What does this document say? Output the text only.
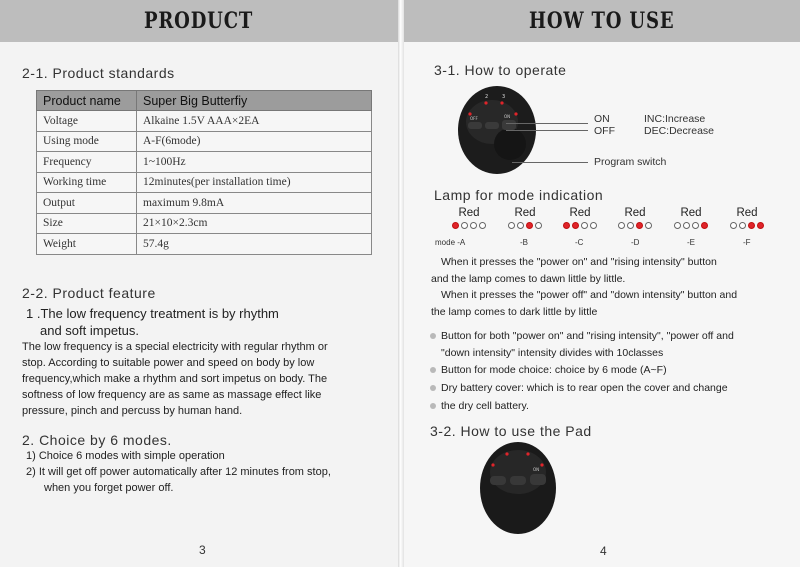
PRODUCT
2-1. Product standards
Product name	Super Big Butterfiy
Voltage	Alkaine 1.5V AAA×2EA
Using mode	A-F(6mode)
Frequency	1~100Hz
Working time	12minutes(per installation time)
Output	maximum 9.8mA
Size	21×10×2.3cm
Weight	57.4g
2-2. Product feature
1 .The low frequency treatment is by rhythm
and soft impetus.
The low frequency is a special electricity with regular rhythm or
stop. According to suitable power and speed on body by low
frequency,which make a rhythm and sort impetus on body. The
softness of low frequency are as same as massage effect like
pressure, pinch and percuss by human hand.
2. Choice by 6 modes.
1) Choice 6 modes with simple operation
2) It will get off power automatically after 12 minutes from stop,
when you forget power off.
3
HOW TO USE
3-1. How to operate
2	3
OFF	ON	ON
OFF
INC:Increase
DEC:Decrease
Program switch
Lamp for mode indication
Red	Red	Red	Red	Red	Red
mode -A	-B	-C	-D	-E	-F
When it presses the "power on" and "rising intensity" button
and the lamp comes to dawn little by little.
When it presses the "power off" and "down intensity" button and
the lamp comes to dark little by little
Button for both "power on" and "rising intensity", "power off and
"down intensity" intensity divides with 10classes
Button for mode choice: choice by 6 mode (A~F)
Dry battery cover: which is to rear open the cover and change
the dry cell battery.
3-2. How to use the Pad
ON
4
